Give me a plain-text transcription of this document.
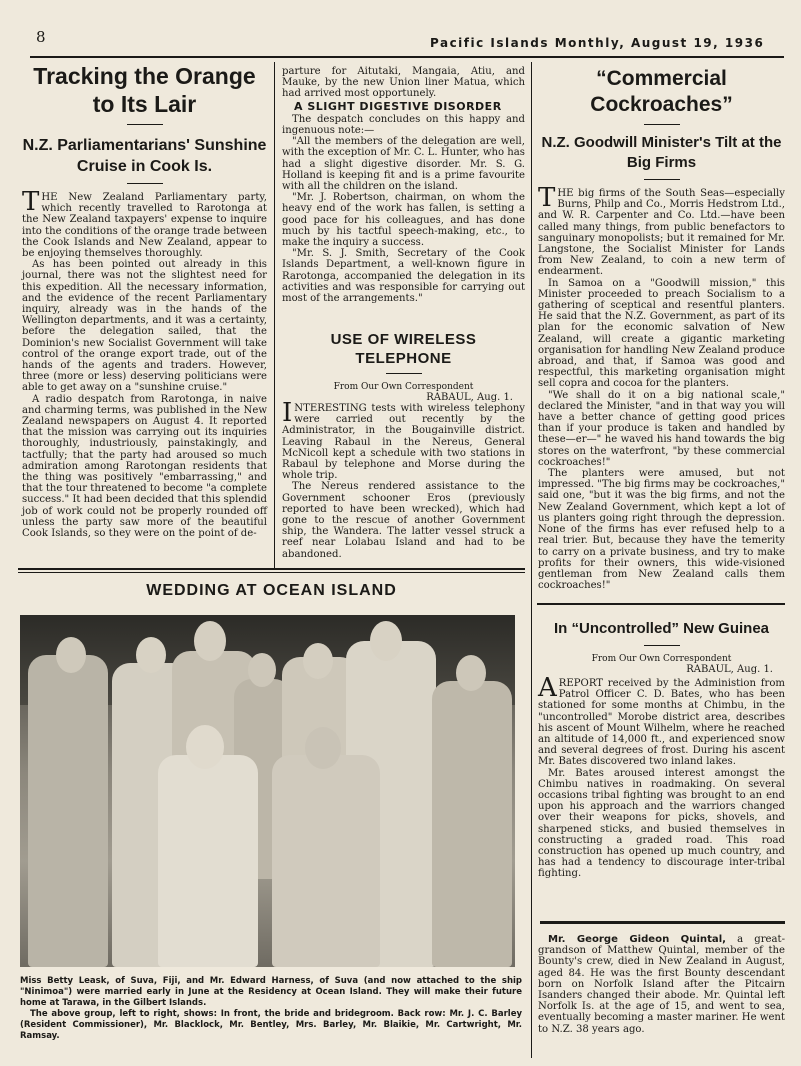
8	Pacific Islands Monthly, August 19, 1936
Tracking the Orange to Its Lair
N.Z. Parliamentarians' Sunshine Cruise in Cook Is.

THE New Zealand Parliamentary party, which recently travelled to Rarotonga at the New Zealand taxpayers' expense to inquire into the conditions of the orange trade between the Cook Islands and New Zealand, appear to be enjoying themselves thoroughly.

As has been pointed out already in this journal, there was not the slightest need for this expedition. All the necessary information, and the evidence of the recent Parliamentary inquiry, already was in the hands of the Wellington departments, and it was a certainty, before the delegation sailed, that the Dominion's new Socialist Government will take control of the orange export trade, out of the hands of the agents and traders. However, three (more or less) deserving politicians were able to get away on a "sunshine cruise."

A radio despatch from Rarotonga, in naive and charming terms, was published in the New Zealand newspapers on August 4. It reported that the mission was carrying out its inquiries thoroughly, industriously, painstakingly, and tactfully; that the party had aroused so much admiration among Rarotongan residents that the thing was positively "embarrassing," and that the tour threatened to become "a complete success." It had been decided that this splendid job of work could not be properly rounded off unless the party saw more of the beautiful Cook Islands, so they were on the point of de-

parture for Aitutaki, Mangaia, Atiu, and Mauke, by the new Union liner Matua, which had arrived most opportunely.

A SLIGHT DIGESTIVE DISORDER

The despatch concludes on this happy and ingenuous note:—

"All the members of the delegation are well, with the exception of Mr. C. L. Hunter, who has had a slight digestive disorder. Mr. S. G. Holland is keeping fit and is a prime favourite with all the children on the island.

"Mr. J. Robertson, chairman, on whom the heavy end of the work has fallen, is setting a good pace for his colleagues, and has done much by his tactful speech-making, etc., to make the inquiry a success.

"Mr. S. J. Smith, Secretary of the Cook Islands Department, a well-known figure in Rarotonga, accompanied the delegation in its activities and was responsible for carrying out most of the arrangements."

USE OF WIRELESS TELEPHONE
From Our Own Correspondent
RABAUL, Aug. 1.

INTERESTING tests with wireless telephony were carried out recently by the Administrator, in the Bougainville district. Leaving Rabaul in the Nereus, General McNicoll kept a schedule with two stations in Rabaul by telephone and Morse during the whole trip.

The Nereus rendered assistance to the Government schooner Eros (previously reported to have been wrecked), which had gone to the rescue of another Government ship, the Wandera. The latter vessel struck a reef near Lolabau Island and had to be abandoned.

“Commercial Cockroaches”
N.Z. Goodwill Minister's Tilt at the Big Firms

THE big firms of the South Seas—especially Burns, Philp and Co., Morris Hedstrom Ltd., and W. R. Carpenter and Co. Ltd.—have been called many things, from public benefactors to sanguinary monopolists; but it remained for Mr. Langstone, the Socialist Minister for Lands from New Zealand, to coin a new term of endearment.

In Samoa on a "Goodwill mission," this Minister proceeded to preach Socialism to a gathering of sceptical and resentful planters. He said that the N.Z. Government, as part of its plan for the economic salvation of New Zealand, will create a gigantic marketing organisation for handling New Zealand produce abroad, and that, if Samoa was good and respectful, this marketing organisation might sell copra and cocoa for the planters.

"We shall do it on a big national scale," declared the Minister, "and in that way you will have a better chance of getting good prices than if your produce is taken and handled by these—er—" he waved his hand towards the big stores on the waterfront, "by these commercial cockroaches!"

The planters were amused, but not impressed. "The big firms may be cockroaches," said one, "but it was the big firms, and not the New Zealand Government, which kept a lot of us planters going right through the depression. None of the firms has ever refused help to a real trier. But, because they have the temerity to carry on a private business, and try to make profits for their owners, this wide-visioned gentleman from New Zealand calls them cockroaches!"

WEDDING AT OCEAN ISLAND

Miss Betty Leask, of Suva, Fiji, and Mr. Edward Harness, of Suva (and now attached to the ship "Ninimoa") were married early in June at the Residency at Ocean Island. They will make their future home at Tarawa, in the Gilbert Islands.

The above group, left to right, shows: In front, the bride and bridegroom. Back row: Mr. J. C. Barley (Resident Commissioner), Mr. Blacklock, Mr. Bentley, Mrs. Barley, Mr. Blaikie, Mr. Cartwright, Mr. Ramsay.

In “Uncontrolled” New Guinea
From Our Own Correspondent
RABAUL, Aug. 1.

AREPORT received by the Administion from Patrol Officer C. D. Bates, who has been stationed for some months at Chimbu, in the "uncontrolled" Morobe district area, describes his ascent of Mount Wilhelm, where he reached an altitude of 14,000 ft., and experienced snow and several degrees of frost. During his ascent Mr. Bates discovered two inland lakes.

Mr. Bates aroused interest amongst the Chimbu natives in roadmaking. On several occasions tribal fighting was brought to an end upon his approach and the warriors changed over their weapons for picks, shovels, and sharpened sticks, and busied themselves in constructing a graded road. This road construction has opened up much country, and has had a tendency to discourage inter-tribal fighting.

Mr. George Gideon Quintal, a great-grandson of Matthew Quintal, member of the Bounty's crew, died in New Zealand in August, aged 84. He was the first Bounty descendant born on Norfolk Island after the Pitcairn Isanders changed their abode. Mr. Quintal left Norfolk Is. at the age of 15, and went to sea, eventually becoming a master mariner. He went to N.Z. 38 years ago.
